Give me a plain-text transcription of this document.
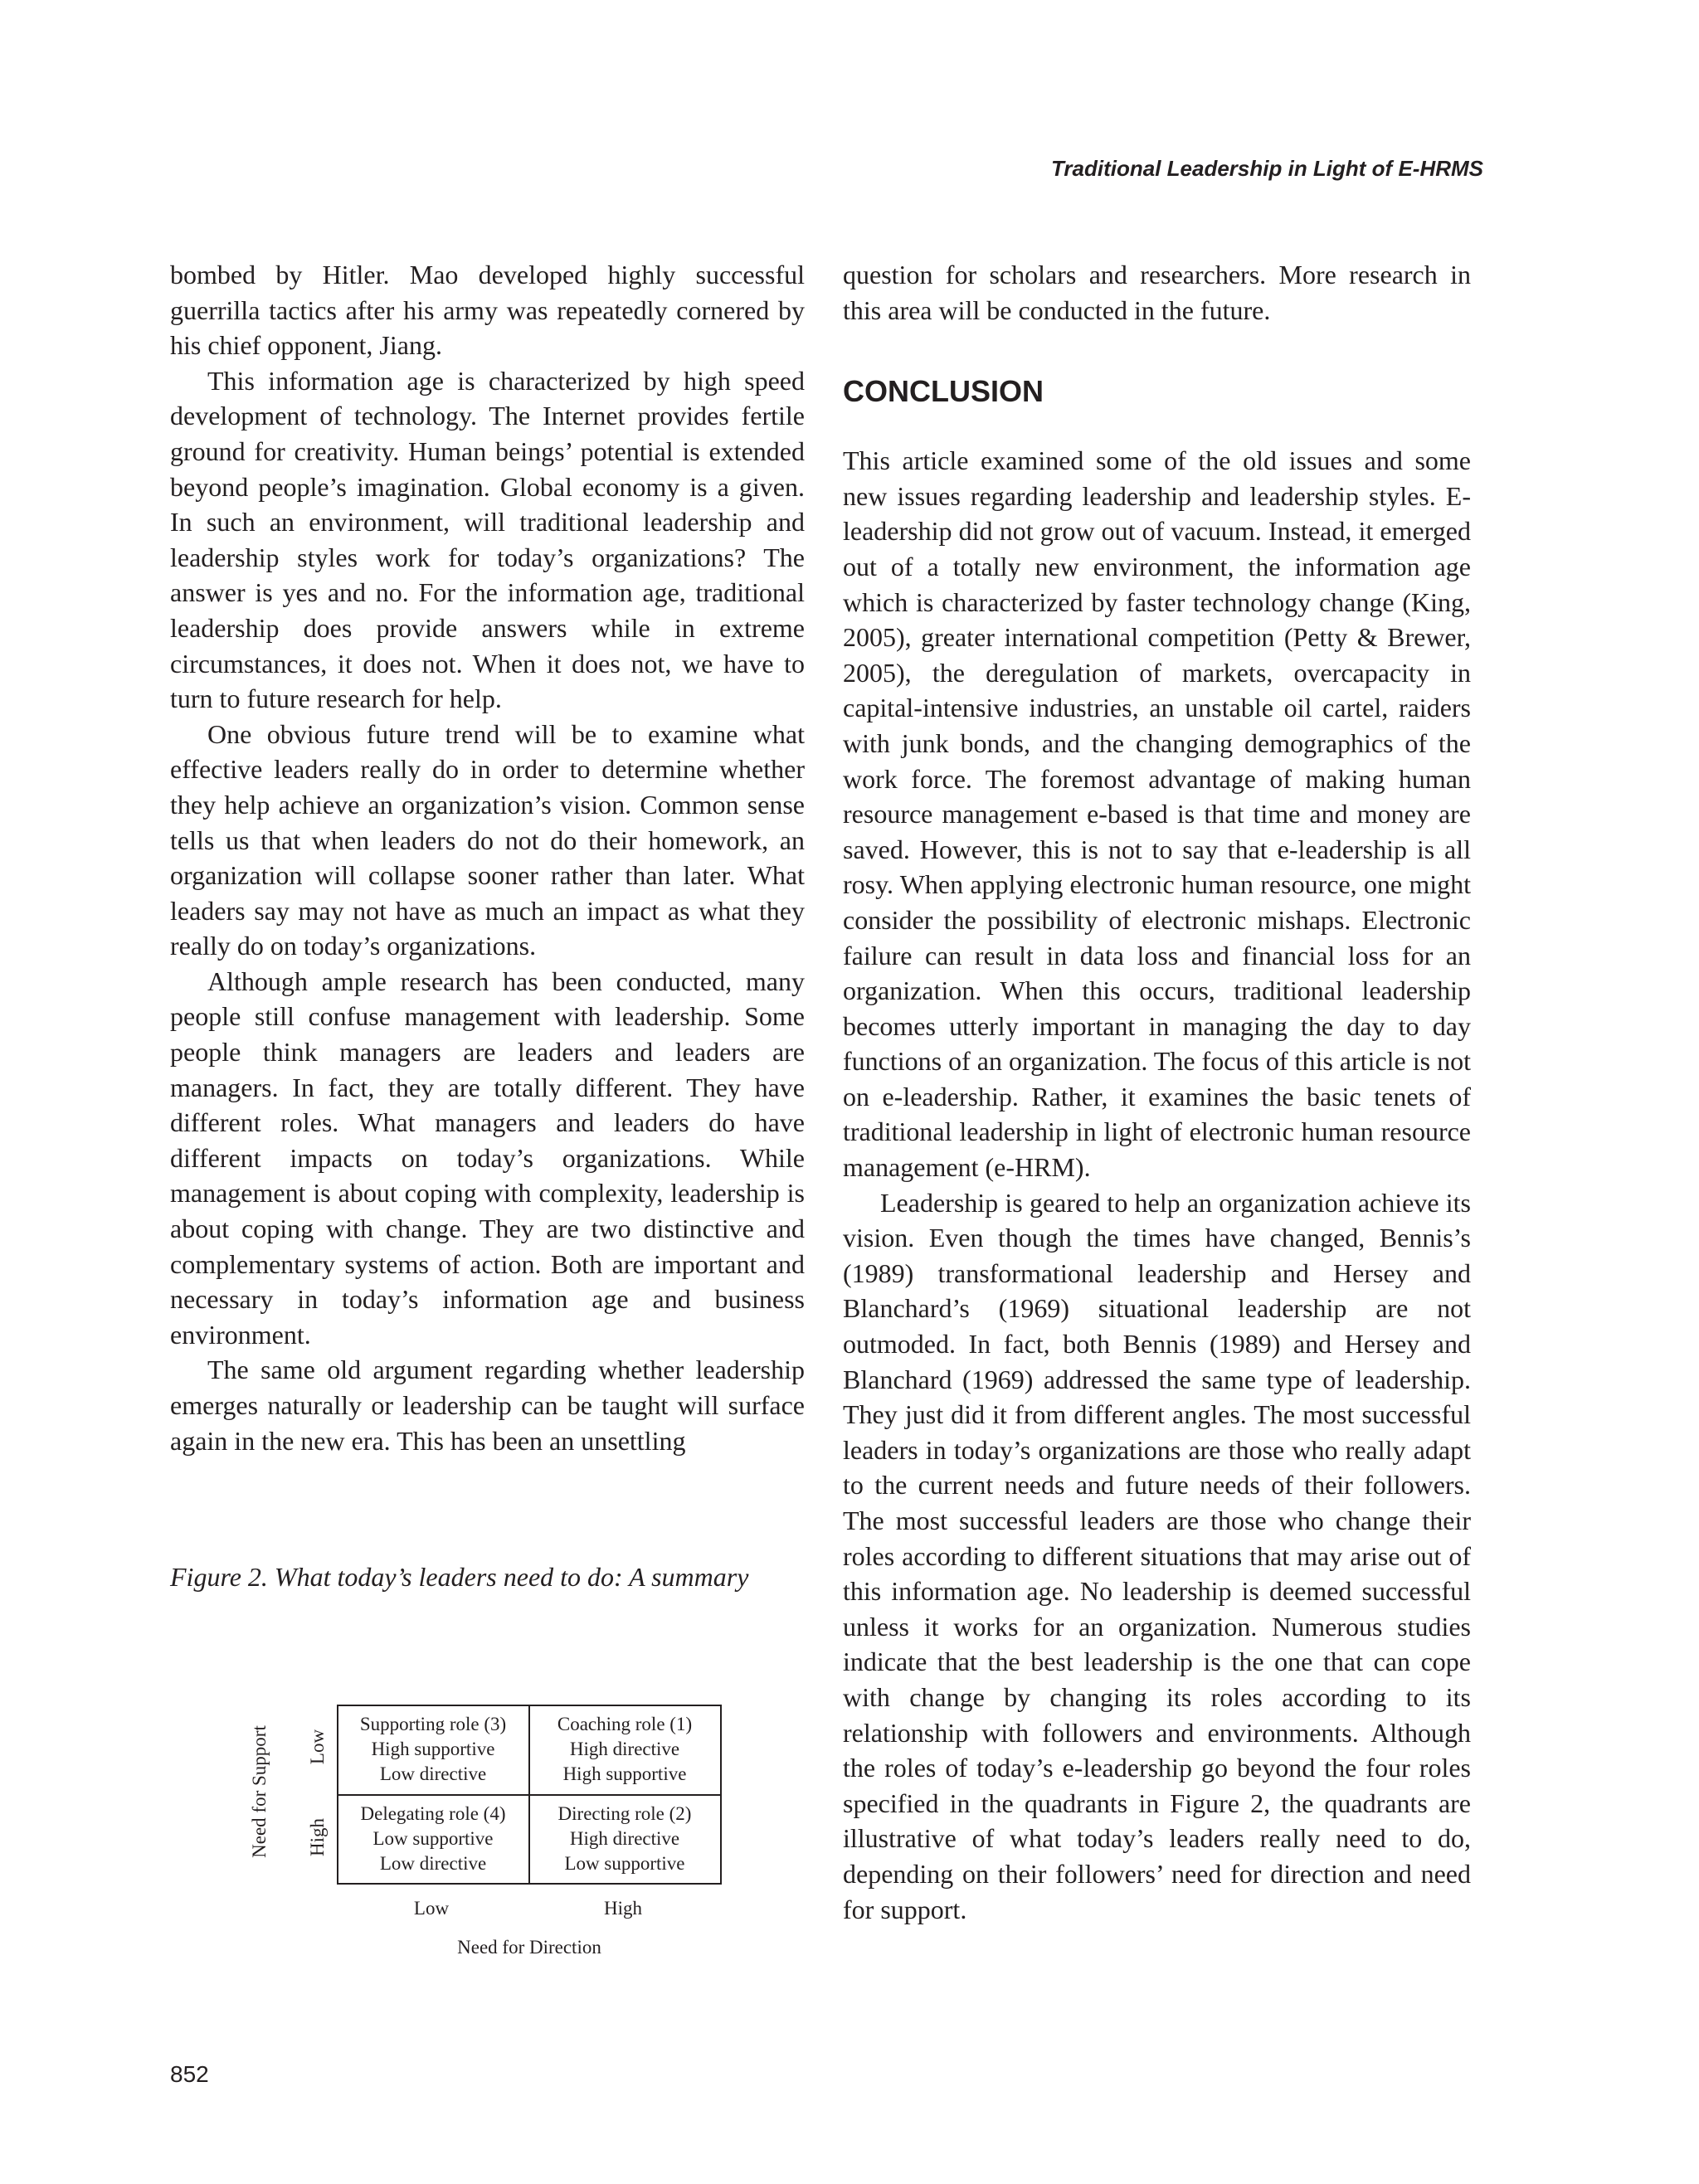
Traditional Leadership in Light of E-HRMS

bombed by Hitler. Mao developed highly successful guerrilla tactics after his army was repeatedly cornered by his chief opponent, Jiang.

This information age is characterized by high speed development of technology. The Internet provides fertile ground for creativity. Human beings’ potential is extended beyond people’s imagination. Global economy is a given. In such an environment, will traditional leadership and leadership styles work for today’s organizations? The answer is yes and no. For the information age, traditional leadership does provide answers while in extreme circumstances, it does not. When it does not, we have to turn to future research for help.

One obvious future trend will be to examine what effective leaders really do in order to determine whether they help achieve an organization’s vision. Common sense tells us that when leaders do not do their homework, an organization will collapse sooner rather than later. What leaders say may not have as much an impact as what they really do on today’s organizations.

Although ample research has been conducted, many people still confuse management with leadership. Some people think managers are leaders and leaders are managers. In fact, they are totally different. They have different roles. What managers and leaders do have different impacts on today’s organizations. While management is about coping with complexity, leadership is about coping with change. They are two distinctive and complementary systems of action. Both are important and necessary in today’s information age and business environment.

The same old argument regarding whether leadership emerges naturally or leadership can be taught will surface again in the new era. This has been an unsettling

Figure 2. What today’s leaders need to do: A summary
Need for Support Low
High
Supporting role (3)
High supportive
Low directive
Coaching role (1)
High directive
High supportive
Delegating role (4)
Low supportive
Low directive
Directing role (2)
High directive
Low supportive
Low	High
Need for Direction

question for scholars and researchers. More research in this area will be conducted in the future.

CONCLUSION

This article examined some of the old issues and some new issues regarding leadership and leadership styles. E-leadership did not grow out of vacuum. Instead, it emerged out of a totally new environment, the information age which is characterized by faster technology change (King, 2005), greater international competition (Petty & Brewer, 2005), the deregulation of markets, overcapacity in capital-intensive industries, an unstable oil cartel, raiders with junk bonds, and the changing demographics of the work force. The foremost advantage of making human resource management e-based is that time and money are saved. However, this is not to say that e-leadership is all rosy. When applying electronic human resource, one might consider the possibility of electronic mishaps. Electronic failure can result in data loss and financial loss for an organization. When this occurs, traditional leadership becomes utterly important in managing the day to day functions of an organization. The focus of this article is not on e-leadership. Rather, it examines the basic tenets of traditional leadership in light of electronic human resource management (e-HRM).

Leadership is geared to help an organization achieve its vision. Even though the times have changed, Bennis’s (1989) transformational leadership and Hersey and Blanchard’s (1969) situational leadership are not outmoded. In fact, both Bennis (1989) and Hersey and Blanchard (1969) addressed the same type of leadership. They just did it from different angles. The most successful leaders in today’s organizations are those who really adapt to the current needs and future needs of their followers. The most successful leaders are those who change their roles according to different situations that may arise out of this information age. No leadership is deemed successful unless it works for an organization. Numerous studies indicate that the best leadership is the one that can cope with change by changing its roles according to its relationship with followers and environments. Although the roles of today’s e-leadership go beyond the four roles specified in the quadrants in Figure 2, the quadrants are illustrative of what today’s leaders really need to do, depending on their followers’ need for direction and need for support.

852
